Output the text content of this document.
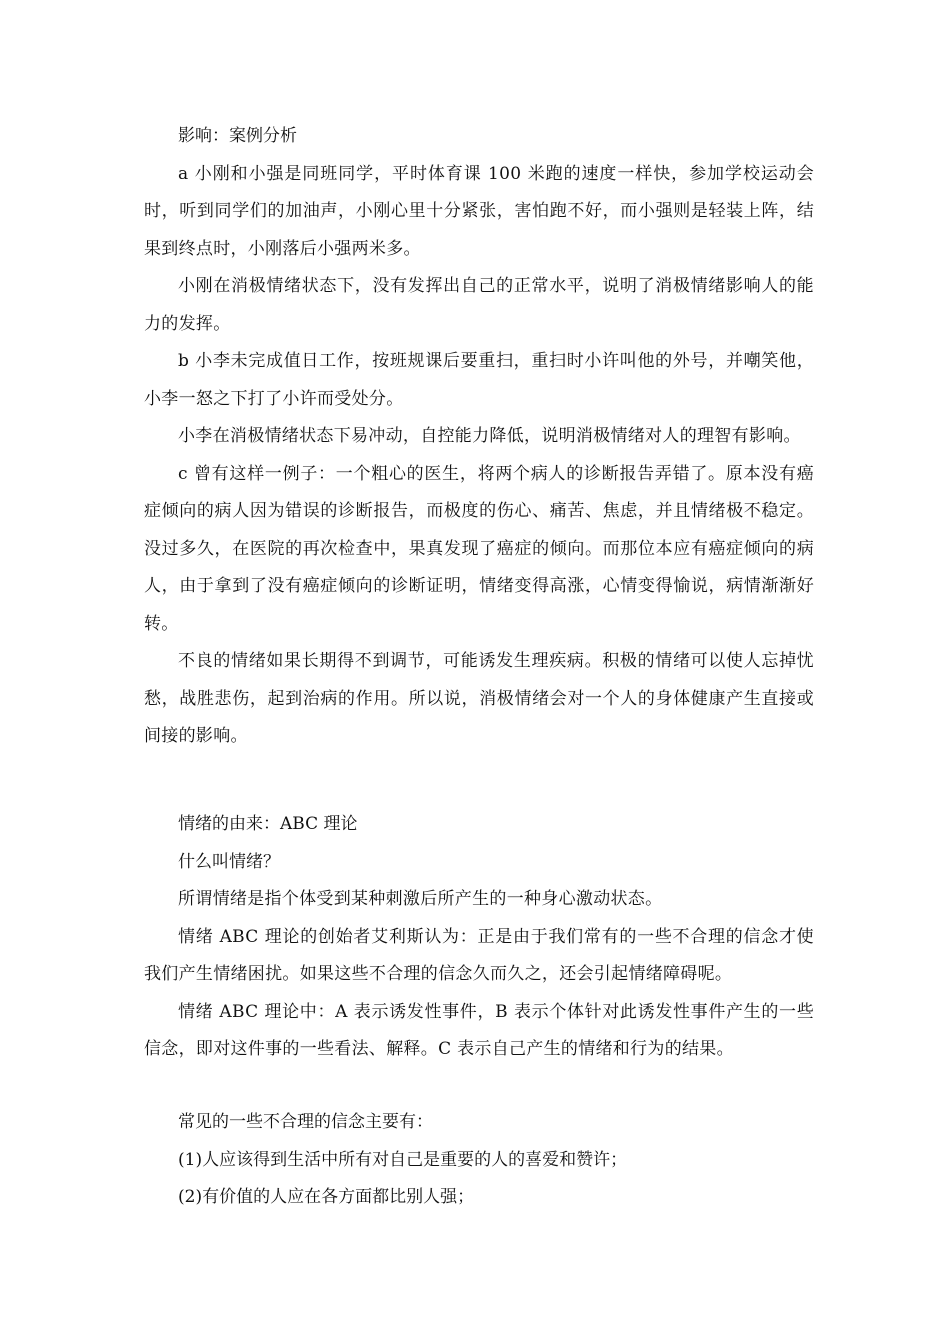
影响：案例分析

a 小刚和小强是同班同学，平时体育课 100 米跑的速度一样快，参加学校运动会时，听到同学们的加油声，小刚心里十分紧张，害怕跑不好，而小强则是轻装上阵，结果到终点时，小刚落后小强两米多。

小刚在消极情绪状态下，没有发挥出自己的正常水平，说明了消极情绪影响人的能力的发挥。

b 小李未完成值日工作，按班规课后要重扫，重扫时小许叫他的外号，并嘲笑他，小李一怒之下打了小许而受处分。

小李在消极情绪状态下易冲动，自控能力降低，说明消极情绪对人的理智有影响。

c 曾有这样一例子：一个粗心的医生，将两个病人的诊断报告弄错了。原本没有癌症倾向的病人因为错误的诊断报告，而极度的伤心、痛苦、焦虑，并且情绪极不稳定。没过多久，在医院的再次检查中，果真发现了癌症的倾向。而那位本应有癌症倾向的病人，由于拿到了没有癌症倾向的诊断证明，情绪变得高涨，心情变得愉说，病情渐渐好转。

不良的情绪如果长期得不到调节，可能诱发生理疾病。积极的情绪可以使人忘掉忧愁，战胜悲伤，起到治病的作用。所以说，消极情绪会对一个人的身体健康产生直接或间接的影响。

情绪的由来：ABC 理论

什么叫情绪？

所谓情绪是指个体受到某种刺激后所产生的一种身心激动状态。

情绪 ABC 理论的创始者艾利斯认为：正是由于我们常有的一些不合理的信念才使我们产生情绪困扰。如果这些不合理的信念久而久之，还会引起情绪障碍呢。

情绪 ABC 理论中：A 表示诱发性事件，B 表示个体针对此诱发性事件产生的一些信念，即对这件事的一些看法、解释。C 表示自己产生的情绪和行为的结果。

常见的一些不合理的信念主要有：

(1)人应该得到生活中所有对自己是重要的人的喜爱和赞许；

(2)有价值的人应在各方面都比别人强；
